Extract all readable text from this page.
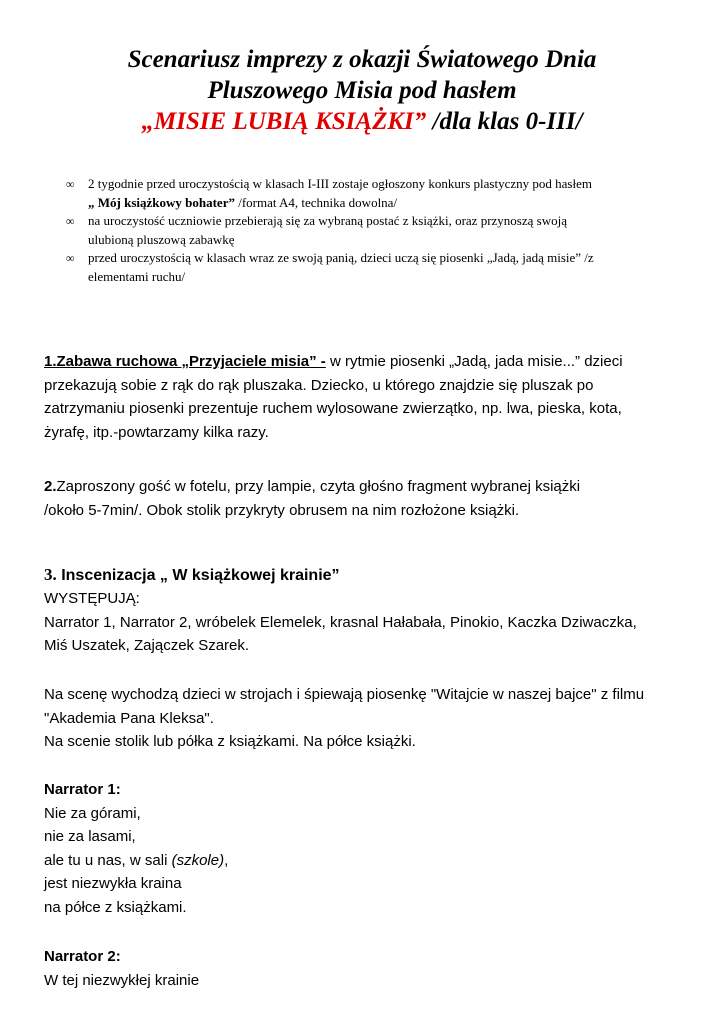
Scenariusz imprezy z okazji Światowego Dnia
Pluszowego Misia pod hasłem
„MISIE LUBIĄ KSIĄŻKI” /dla klas 0-III/
∞ 2 tygodnie przed uroczystością w klasach I-III zostaje ogłoszony konkurs plastyczny pod hasłem
„ Mój książkowy bohater” /format A4, technika dowolna/
∞ na uroczystość uczniowie przebierają się za wybraną postać z książki, oraz przynoszą swoją
ulubioną pluszową zabawkę
∞ przed uroczystością w klasach wraz ze swoją panią, dzieci uczą się piosenki „Jadą, jadą misie” /z
elementami ruchu/
1.Zabawa ruchowa „Przyjaciele misia” - w rytmie piosenki „Jadą, jada misie...” dzieci
przekazują sobie z rąk do rąk pluszaka. Dziecko, u którego znajdzie się pluszak po
zatrzymaniu piosenki prezentuje ruchem wylosowane zwierzątko, np. lwa, pieska, kota,
żyrafę, itp.-powtarzamy kilka razy.
2.Zaproszony gość w fotelu, przy lampie, czyta głośno fragment wybranej książki
/około 5-7min/. Obok stolik przykryty obrusem na nim rozłożone książki.
3. Inscenizacja „ W książkowej krainie”
WYSTĘPUJĄ:
Narrator 1, Narrator 2, wróbelek Elemelek, krasnal Hałabała, Pinokio, Kaczka Dziwaczka,
Miś Uszatek, Zajączek Szarek.
Na scenę wychodzą dzieci w strojach i śpiewają piosenkę "Witajcie w naszej bajce" z filmu
"Akademia Pana Kleksa".
Na scenie stolik lub półka z książkami. Na półce książki.
Narrator 1:
Nie za górami,
nie za lasami,
ale tu u nas, w sali (szkole),
jest niezwykła kraina
na półce z książkami.
Narrator 2:
W tej niezwykłej krainie
